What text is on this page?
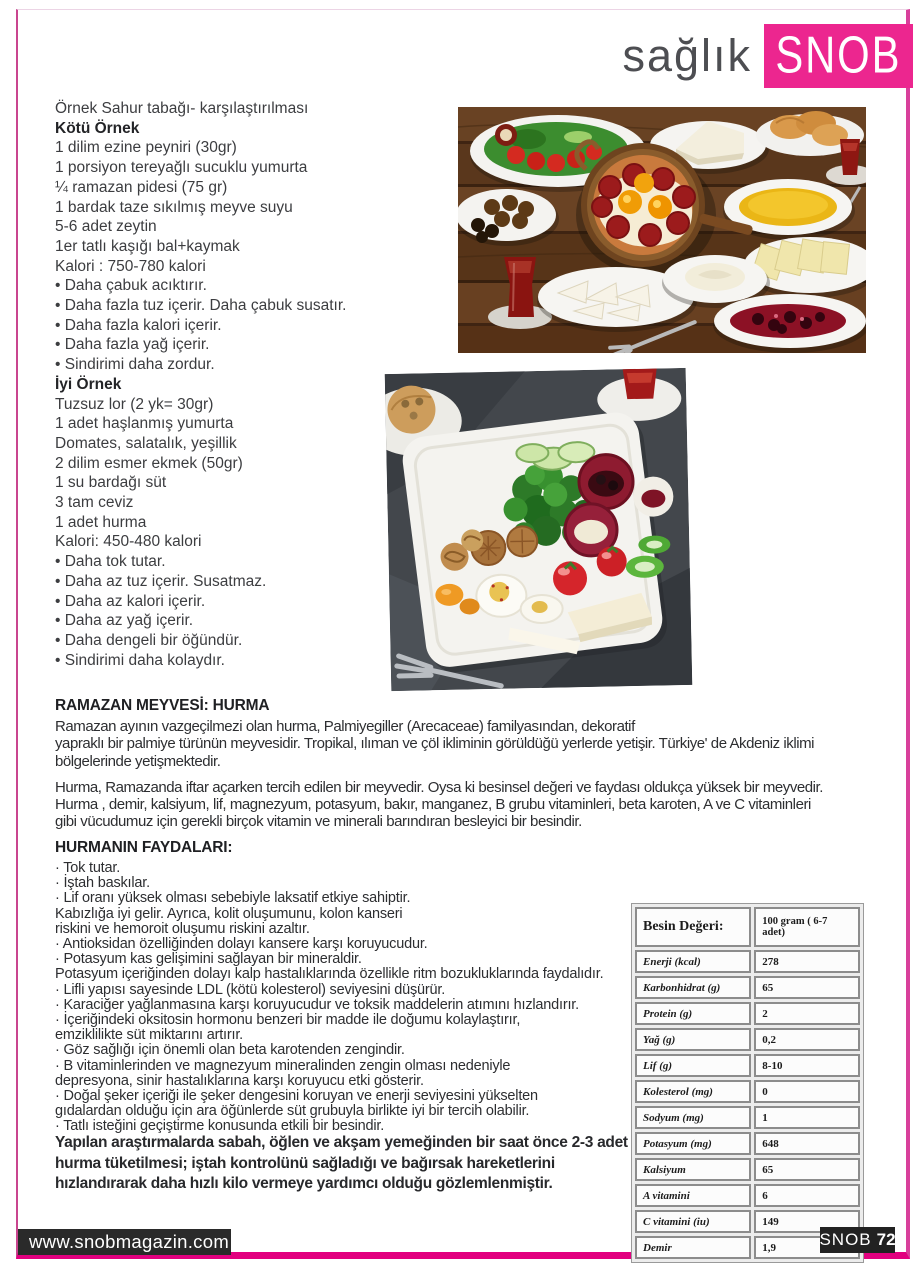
sağlık SNOB
Örnek Sahur tabağı- karşılaştırılması
Kötü Örnek
1 dilim ezine peyniri (30gr)
1 porsiyon tereyağlı sucuklu yumurta
¼ ramazan pidesi (75 gr)
1 bardak taze sıkılmış meyve suyu
5-6 adet zeytin
1er tatlı kaşığı bal+kaymak
Kalori : 750-780 kalori
• Daha çabuk acıktırır.
• Daha fazla tuz içerir. Daha çabuk susatır.
• Daha fazla kalori içerir.
• Daha fazla yağ içerir.
• Sindirimi daha zordur.
İyi Örnek
Tuzsuz lor (2 yk= 30gr)
1 adet haşlanmış yumurta
Domates, salatalık, yeşillik
2 dilim esmer ekmek (50gr)
1 su bardağı süt
3 tam ceviz
1 adet hurma
Kalori: 450-480 kalori
• Daha tok tutar.
• Daha az tuz içerir. Susatmaz.
• Daha az kalori içerir.
• Daha az yağ içerir.
• Daha dengeli bir öğündür.
• Sindirimi daha kolaydır.
RAMAZAN MEYVESİ: HURMA
Ramazan ayının vazgeçilmezi olan hurma, Palmiyegiller (Arecaceae) familyasından, dekoratif
yapraklı bir palmiye türünün meyvesidir. Tropikal, ılıman ve çöl ikliminin görüldüğü yerlerde yetişir. Türkiye' de Akdeniz iklimi
bölgelerinde yetişmektedir.
Hurma, Ramazanda iftar açarken tercih edilen bir meyvedir. Oysa ki besinsel değeri ve faydası oldukça yüksek bir meyvedir.
Hurma , demir, kalsiyum, lif, magnezyum, potasyum, bakır, manganez, B grubu vitaminleri, beta karoten, A ve C vitaminleri
gibi vücudumuz için gerekli birçok vitamin ve minerali barındıran besleyici bir besindir.
HURMANIN FAYDALARI:
· Tok tutar.
· İştah baskılar.
· Lif oranı yüksek olması sebebiyle laksatif etkiye sahiptir.
Kabızlığa iyi gelir. Ayrıca, kolit oluşumunu, kolon kanseri
riskini ve hemoroit oluşumu riskini azaltır.
· Antioksidan özelliğinden dolayı kansere karşı koruyucudur.
· Potasyum kas gelişimini sağlayan bir mineraldir.
Potasyum içeriğinden dolayı kalp hastalıklarında özellikle ritm bozukluklarında faydalıdır.
· Lifli yapısı sayesinde LDL (kötü kolesterol) seviyesini düşürür.
· Karaciğer yağlanmasına karşı koruyucudur ve toksik maddelerin atımını hızlandırır.
· İçeriğindeki oksitosin hormonu benzeri bir madde ile doğumu kolaylaştırır,
emziklilikte süt miktarını artırır.
· Göz sağlığı için önemli olan beta karotenden zengindir.
· B vitaminlerinden ve magnezyum mineralinden zengin olması nedeniyle
depresyona, sinir hastalıklarına karşı koruyucu etki gösterir.
· Doğal şeker içeriği ile şeker dengesini koruyan ve enerji seviyesini yükselten
gıdalardan olduğu için ara öğünlerde süt grubuyla birlikte iyi bir tercih olabilir.
· Tatlı isteğini geçiştirme konusunda etkili bir besindir.
Yapılan araştırmalarda sabah, öğlen ve akşam yemeğinden bir saat önce 2-3 adet
hurma tüketilmesi; iştah kontrolünü sağladığı ve bağırsak hareketlerini
hızlandırarak daha hızlı kilo vermeye yardımcı olduğu gözlemlenmiştir.
Besin Değeri:	100 gram ( 6-7 adet)
Enerji (kcal)	278
Karbonhidrat (g)	65
Protein (g)	2
Yağ (g)	0,2
Lif (g)	8-10
Kolesterol (mg)	0
Sodyum (mg)	1
Potasyum (mg)	648
Kalsiyum	65
A vitamini	6
C vitamini (iu)	149
Demir	1,9
www.snobmagazin.com	SNOB 72
